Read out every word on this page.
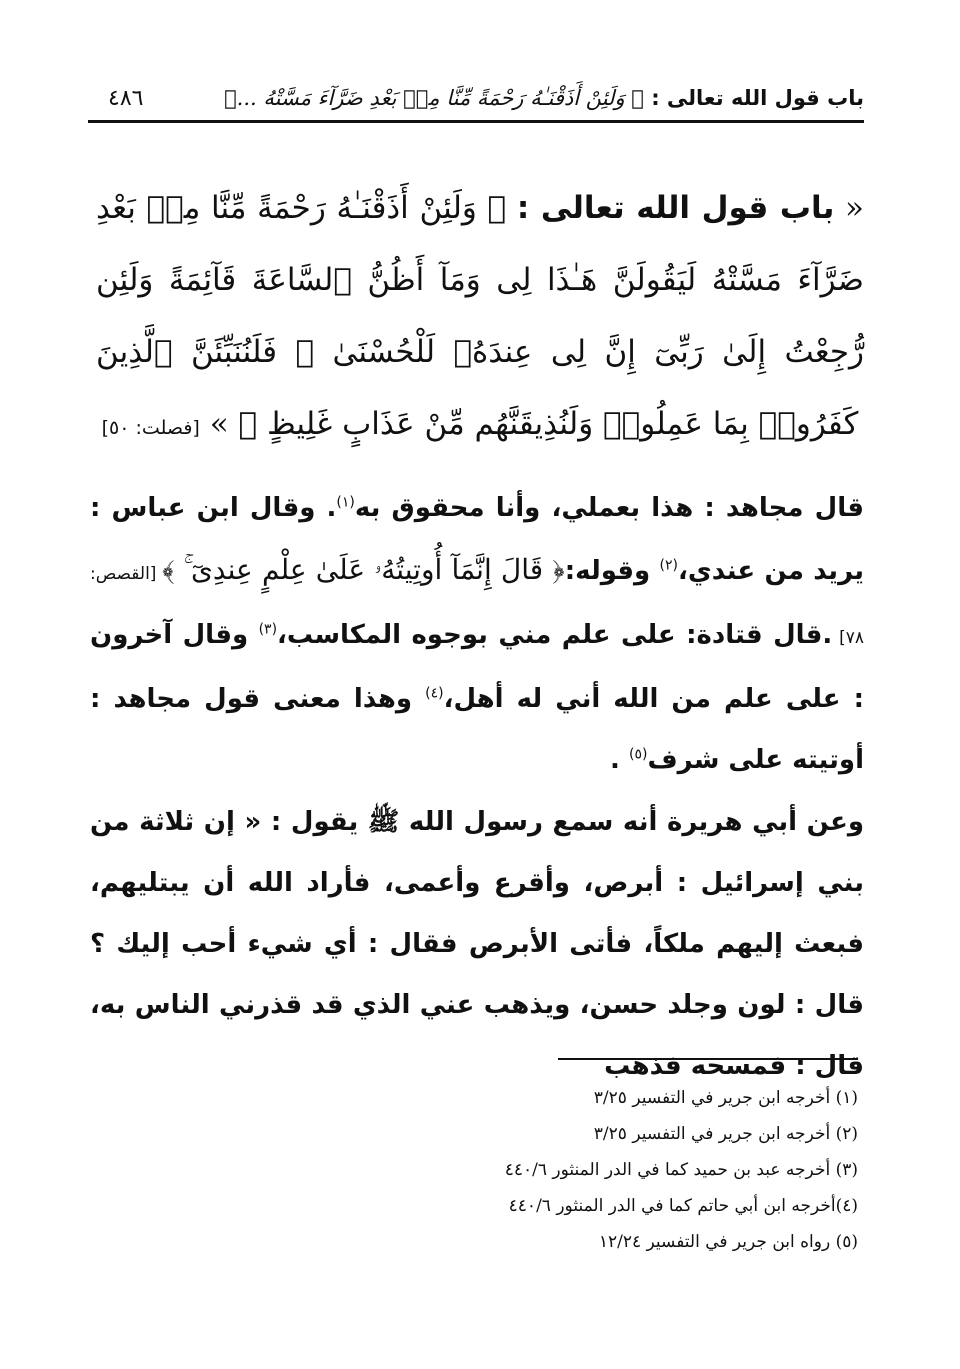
باب قول الله تعالى : ﴿ وَلَئِنْ أَذَقْنَـٰهُ رَحْمَةً مِّنَّا مِنۢ بَعْدِ ضَرَّآءَ مَسَّتْهُ ...﴾
٤٨٦
« باب قول الله تعالى : ﴿ وَلَئِنْ أَذَقْنَـٰهُ رَحْمَةً مِّنَّا مِنۢ بَعْدِ ضَرَّآءَ مَسَّتْهُ لَيَقُولَنَّ هَـٰذَا لِى وَمَآ أَظُنُّ ٱلسَّاعَةَ قَآئِمَةً وَلَئِن رُّجِعْتُ إِلَىٰ رَبِّىٓ إِنَّ لِى عِندَهُۥ لَلْحُسْنَىٰ ۚ فَلَنُنَبِّئَنَّ ٱلَّذِينَ كَفَرُوا۟ بِمَا عَمِلُوا۟ وَلَنُذِيقَنَّهُم مِّنْ عَذَابٍ غَلِيظٍ ﴾ » [فصلت: ٥٠]
قال مجاهد : هذا بعملي، وأنا محقوق به$^{(١)}$. وقال ابن عباس : يريد من عندي،$^{(٢)}$ وقوله:﴿ قَالَ إِنَّمَآ أُوتِيتُهُۥ عَلَىٰ عِلْمٍ عِندِىٓ ۚ ﴾ [القصص: ٧٨] .قال قتادة: على علم مني بوجوه المكاسب،$^{(٣)}$ وقال آخرون : على علم من الله أني له أهل،$^{(٤)}$ وهذا معنى قول مجاهد : أوتيته على شرف$^{(٥)}$ .
وعن أبي هريرة أنه سمع رسول الله ﷺ يقول : « إن ثلاثة من بني إسرائيل : أبرص، وأقرع وأعمى، فأراد الله أن يبتليهم، فبعث إليهم ملكاً، فأتى الأبرص فقال : أي شيء أحب إليك ؟ قال : لون وجلد حسن، ويذهب عني الذي قد قذرني الناس به، قال : فمسحه فذهب
(١) أخرجه ابن جرير في التفسير ٣/٢٥
(٢) أخرجه ابن جرير في التفسير ٣/٢٥
(٣) أخرجه عبد بن حميد كما في الدر المنثور ٤٤٠/٦
(٤)أخرجه ابن أبي حاتم كما في الدر المنثور ٤٤٠/٦
(٥) رواه ابن جرير في التفسير ١٢/٢٤
